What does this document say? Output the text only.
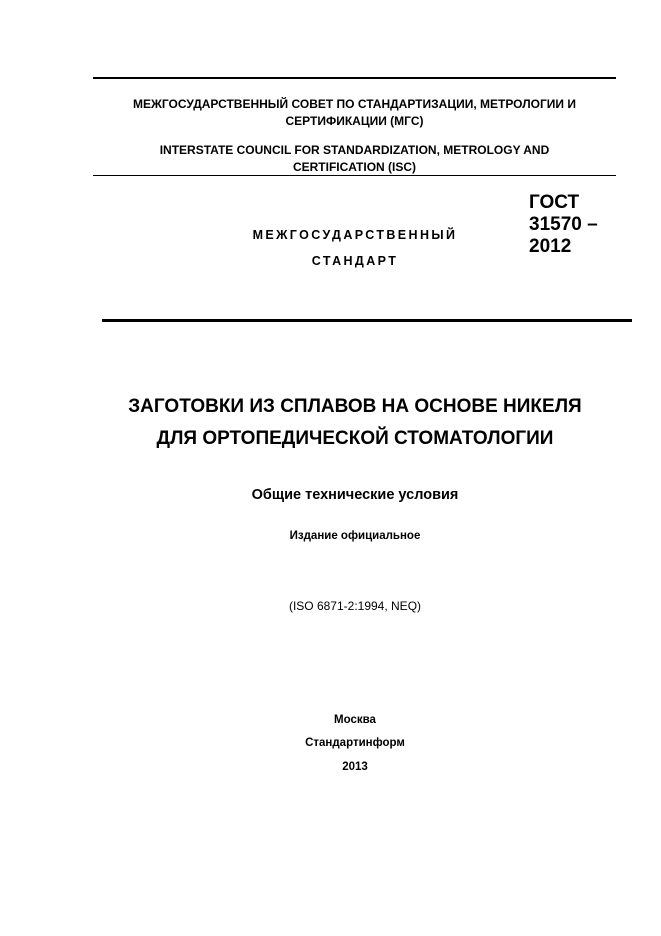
МЕЖГОСУДАРСТВЕННЫЙ СОВЕТ ПО СТАНДАРТИЗАЦИИ, МЕТРОЛОГИИ И
СЕРТИФИКАЦИИ (МГС)
INTERSTATE COUNCIL FOR STANDARDIZATION, METROLOGY AND
CERTIFICATION (ISC)
МЕЖГОСУДАРСТВЕННЫЙ
СТАНДАРТ
ГОСТ
31570 –
2012
ЗАГОТОВКИ ИЗ СПЛАВОВ НА ОСНОВЕ НИКЕЛЯ
ДЛЯ ОРТОПЕДИЧЕСКОЙ СТОМАТОЛОГИИ
Общие технические условия
Издание официальное
(ISO 6871-2:1994, NEQ)
Москва
Стандартинформ
2013
